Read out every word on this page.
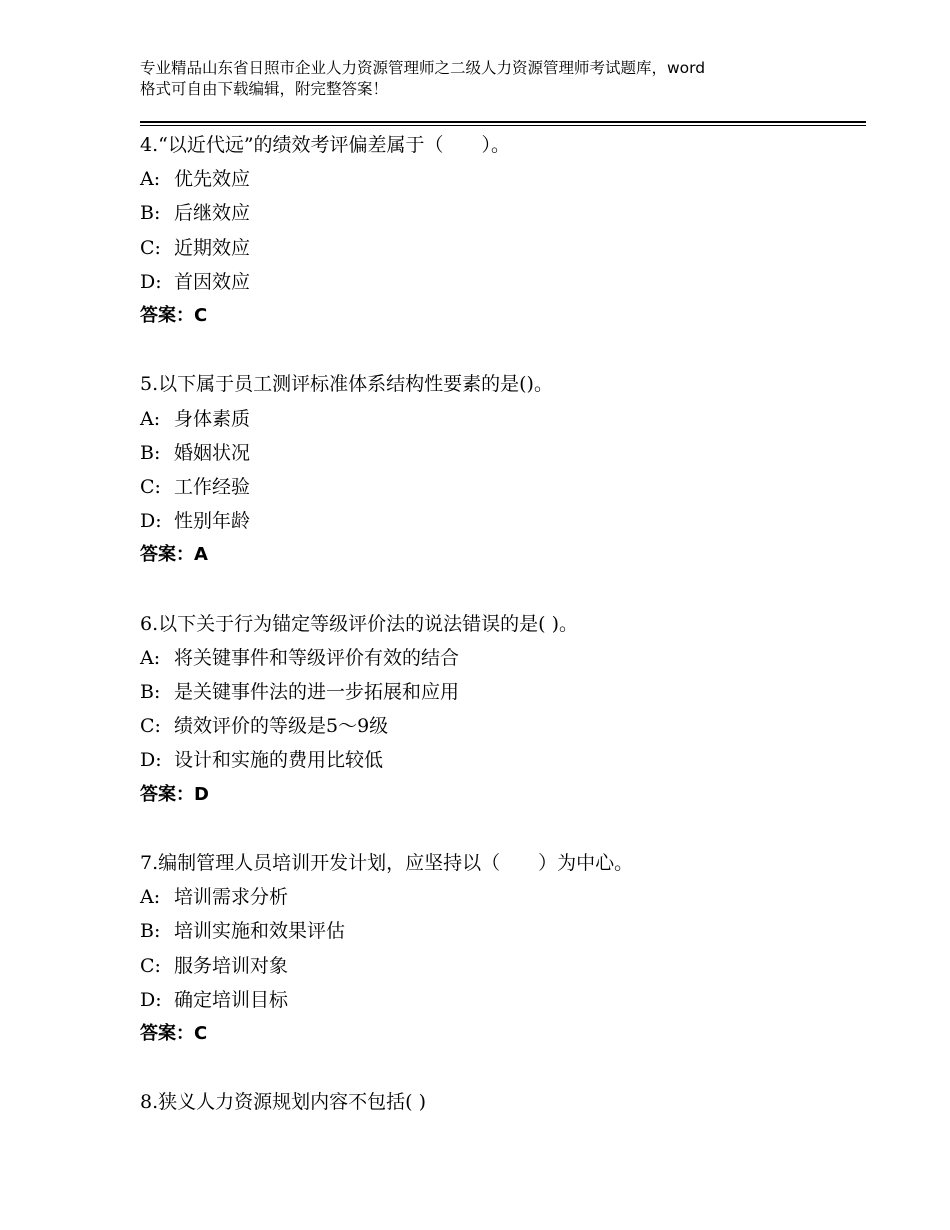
专业精品山东省日照市企业人力资源管理师之二级人力资源管理师考试题库，word
格式可自由下载编辑，附完整答案！
4.“以近代远”的绩效考评偏差属于（　　）。
A: 优先效应
B: 后继效应
C: 近期效应
D: 首因效应
答案：C
5.以下属于员工测评标准体系结构性要素的是()。
A: 身体素质
B: 婚姻状况
C: 工作经验
D: 性别年龄
答案：A
6.以下关于行为锚定等级评价法的说法错误的是( )。
A: 将关键事件和等级评价有效的结合
B: 是关键事件法的进一步拓展和应用
C: 绩效评价的等级是5～9级
D: 设计和实施的费用比较低
答案：D
7.编制管理人员培训开发计划，应坚持以（　　）为中心。
A: 培训需求分析
B: 培训实施和效果评估
C: 服务培训对象
D: 确定培训目标
答案：C
8.狭义人力资源规划内容不包括( )
